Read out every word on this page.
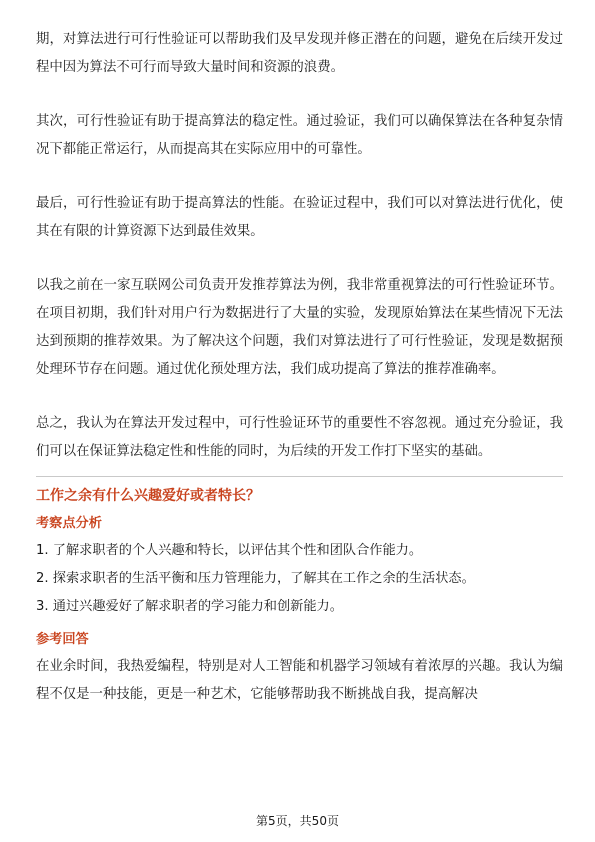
期，对算法进行可行性验证可以帮助我们及早发现并修正潜在的问题，避免在后续开发过程中因为算法不可行而导致大量时间和资源的浪费。

其次，可行性验证有助于提高算法的稳定性。通过验证，我们可以确保算法在各种复杂情况下都能正常运行，从而提高其在实际应用中的可靠性。

最后，可行性验证有助于提高算法的性能。在验证过程中，我们可以对算法进行优化，使其在有限的计算资源下达到最佳效果。

以我之前在一家互联网公司负责开发推荐算法为例，我非常重视算法的可行性验证环节。在项目初期，我们针对用户行为数据进行了大量的实验，发现原始算法在某些情况下无法达到预期的推荐效果。为了解决这个问题，我们对算法进行了可行性验证，发现是数据预处理环节存在问题。通过优化预处理方法，我们成功提高了算法的推荐准确率。

总之，我认为在算法开发过程中，可行性验证环节的重要性不容忽视。通过充分验证，我们可以在保证算法稳定性和性能的同时，为后续的开发工作打下坚实的基础。

工作之余有什么兴趣爱好或者特长？
考察点分析

1. 了解求职者的个人兴趣和特长，以评估其个性和团队合作能力。

2. 探索求职者的生活平衡和压力管理能力，了解其在工作之余的生活状态。

3. 通过兴趣爱好了解求职者的学习能力和创新能力。

参考回答

在业余时间，我热爱编程，特别是对人工智能和机器学习领域有着浓厚的兴趣。我认为编程不仅是一种技能，更是一种艺术，它能够帮助我不断挑战自我，提高解决

第5页，共50页
